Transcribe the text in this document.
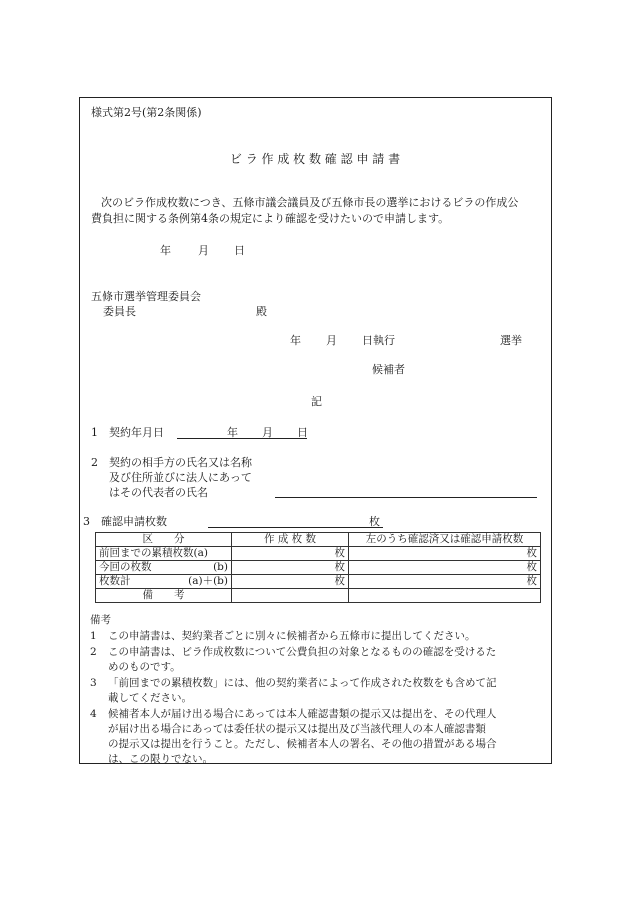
様式第2号(第2条関係)
ビ ラ 作 成 枚 数 確 認 申 請 書
次のビラ作成枚数につき、五條市議会議員及び五條市長の選挙におけるビラの作成公
費負担に関する条例第4条の規定により確認を受けたいので申請します。
年 月 日
五條市選挙管理委員会
委員長	殿
年 月 日執行	選挙
候補者
記
1 契約年月日	年 月 日
2 契約の相手方の氏名又は名称
及び住所並びに法人にあって
はその代表者の氏名
3 確認申請枚数	枚
区　　分	作 成 枚 数	左のうち確認済又は確認申請枚数

前回までの累積枚数(a)	枚	枚

今回の枚数 (b)	枚	枚

枚数計 (a)＋(b)	枚	枚
備　　考		
備考
1 この申請書は、契約業者ごとに別々に候補者から五條市に提出してください。
2 この申請書は、ビラ作成枚数について公費負担の対象となるものの確認を受けるた
めのものです。
3 「前回までの累積枚数」には、他の契約業者によって作成された枚数をも含めて記
載してください。
4 候補者本人が届け出る場合にあっては本人確認書類の提示又は提出を、その代理人
が届け出る場合にあっては委任状の提示又は提出及び当該代理人の本人確認書類
の提示又は提出を行うこと。ただし、候補者本人の署名、その他の措置がある場合
は、この限りでない。
